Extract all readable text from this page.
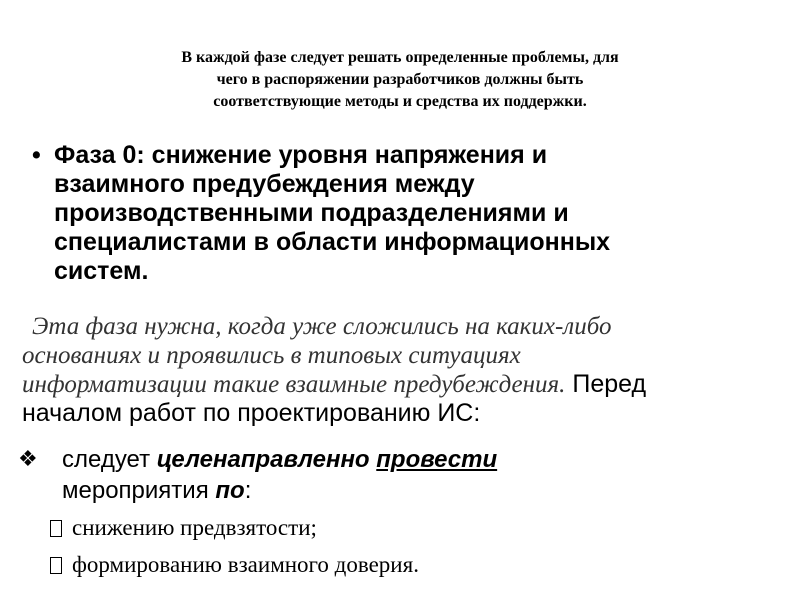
В каждой фазе следует решать определенные проблемы, для
чего в распоряжении разработчиков должны быть
соответствующие методы и средства их поддержки.
• Фаза 0: снижение уровня напряжения и
взаимного предубеждения между
производственными подразделениями и
специалистами в области информационных
систем.
Эта фаза нужна, когда уже сложились на каких-либо
основаниях и проявились в типовых ситуациях
информатизации такие взаимные предубеждения. Перед
началом работ по проектированию ИС:
❖ следует целенаправленно провести
мероприятия по:
снижению предвзятости;
формированию взаимного доверия.
